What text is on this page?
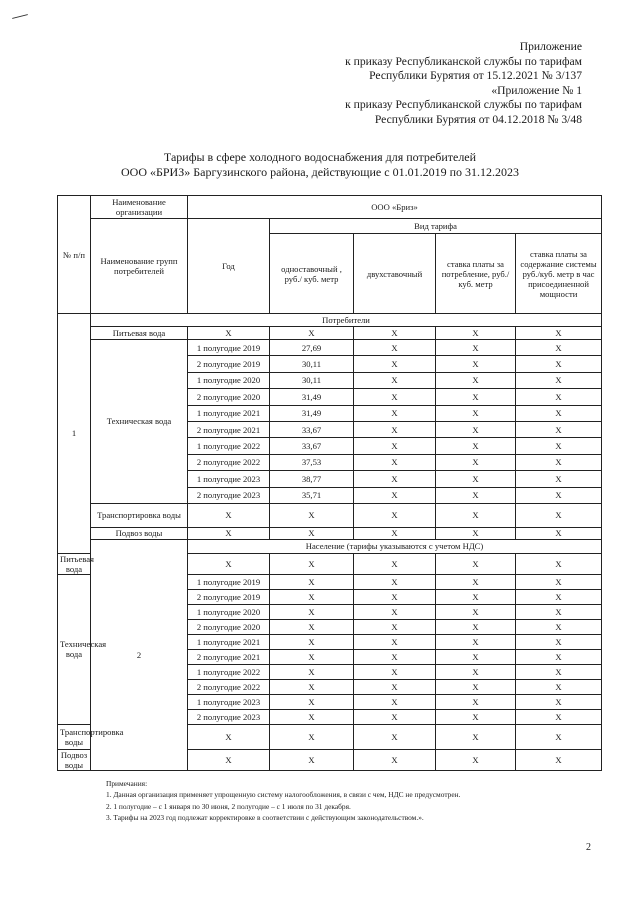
Приложение
к приказу Республиканской службы по тарифам
Республики Бурятия от 15.12.2021 № 3/137
«Приложение № 1
к приказу Республиканской службы по тарифам
Республики Бурятия от 04.12.2018 № 3/48
Тарифы в сфере холодного водоснабжения для потребителей
ООО «БРИЗ» Баргузинского района, действующие с 01.01.2019 по 31.12.2023
№ п/п	Наименование организации	ООО «Бриз»				
	Наименование групп потребителей	Год	Вид тарифа			
			одноставочный , руб./ куб. метр	двухставочный	ставка платы за потребление, руб./ куб. метр	ставка платы за содержание системы руб./куб. метр в час присоединенной мощности
1	Потребители					
	Питьевая вода	Х	Х	Х	Х	Х
	Техническая вода	1 полугодие 2019	27,69	Х	Х	Х
		2 полугодие 2019	30,11	Х	Х	Х
		1 полугодие 2020	30,11	Х	Х	Х
		2 полугодие 2020	31,49	Х	Х	Х
		1 полугодие 2021	31,49	Х	Х	Х
		2 полугодие 2021	33,67	Х	Х	Х
		1 полугодие 2022	33,67	Х	Х	Х
		2 полугодие 2022	37,53	Х	Х	Х
		1 полугодие 2023	38,77	Х	Х	Х
		2 полугодие 2023	35,71	Х	Х	Х
	Транспортировка воды	Х	Х	Х	Х	Х
	Подвоз воды	Х	Х	Х	Х	Х
	2	Население (тарифы указываются с учетом НДС)				
Питьевая вода		Х	Х	Х	Х	Х
Техническая вода		1 полугодие 2019	Х	Х	Х	Х
		2 полугодие 2019	Х	Х	Х	Х
		1 полугодие 2020	Х	Х	Х	Х
		2 полугодие 2020	Х	Х	Х	Х
		1 полугодие 2021	Х	Х	Х	Х
		2 полугодие 2021	Х	Х	Х	Х
		1 полугодие 2022	Х	Х	Х	Х
		2 полугодие 2022	Х	Х	Х	Х
		1 полугодие 2023	Х	Х	Х	Х
		2 полугодие 2023	Х	Х	Х	Х
Транспортировка воды		Х	Х	Х	Х	Х
Подвоз воды		Х	Х	Х	Х	Х
Примечания:
1. Данная организация применяет упрощенную систему налогообложения, в связи с чем, НДС не предусмотрен.
2. 1 полугодие – с 1 января по 30 июня, 2 полугодие – с 1 июля по 31 декабря.
3. Тарифы на 2023 год подлежат корректировке в соответствии с действующим законодательством.».
2
